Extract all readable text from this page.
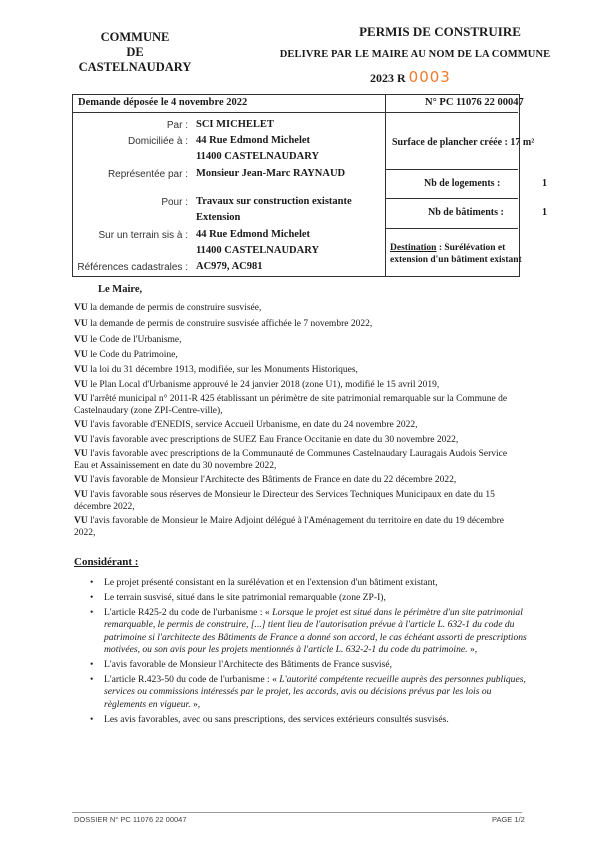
COMMUNE
DE
CASTELNAUDARY
PERMIS DE CONSTRUIRE
DELIVRE PAR LE MAIRE AU NOM DE LA COMMUNE
2023 R 0003
Demande déposée le 4 novembre 2022	N° PC 11076 22 00047
Par : SCI MICHELET
Domiciliée à : 44 Rue Edmond Michelet
11400 CASTELNAUDARY
Représentée par : Monsieur Jean-Marc RAYNAUD
Pour : Travaux sur construction existante
Extension
Sur un terrain sis à : 44 Rue Edmond Michelet
11400 CASTELNAUDARY
Références cadastrales : AC979, AC981
Surface de plancher créée : 17 m²
Nb de logements :	1
Nb de bâtiments :	1
Destination : Surélévation et extension d'un bâtiment existant
Le Maire,
VU la demande de permis de construire susvisée,
VU la demande de permis de construire susvisée affichée le 7 novembre 2022,
VU le Code de l'Urbanisme,
VU le Code du Patrimoine,
VU la loi du 31 décembre 1913, modifiée, sur les Monuments Historiques,
VU le Plan Local d'Urbanisme approuvé le 24 janvier 2018 (zone U1), modifié le 15 avril 2019,
VU l'arrêté municipal n° 2011-R 425 établissant un périmètre de site patrimonial remarquable sur la Commune de Castelnaudary (zone ZPI-Centre-ville),
VU l'avis favorable d'ENEDIS, service Accueil Urbanisme, en date du 24 novembre 2022,
VU l'avis favorable avec prescriptions de SUEZ Eau France Occitanie en date du 30 novembre 2022,
VU l'avis favorable avec prescriptions de la Communauté de Communes Castelnaudary Lauragais Audois Service Eau et Assainissement en date du 30 novembre 2022,
VU l'avis favorable de Monsieur l'Architecte des Bâtiments de France en date du 22 décembre 2022,
VU l'avis favorable sous réserves de Monsieur le Directeur des Services Techniques Municipaux en date du 15 décembre 2022,
VU l'avis favorable de Monsieur le Maire Adjoint délégué à l'Aménagement du territoire en date du 19 décembre 2022,
Considérant :
• Le projet présenté consistant en la surélévation et en l'extension d'un bâtiment existant,
• Le terrain susvisé, situé dans le site patrimonial remarquable (zone ZP-I),
• L'article R425-2 du code de l'urbanisme : « Lorsque le projet est situé dans le périmètre d'un site patrimonial remarquable, le permis de construire, [...] tient lieu de l'autorisation prévue à l'article L. 632-1 du code du patrimoine si l'architecte des Bâtiments de France a donné son accord, le cas échéant assorti de prescriptions motivées, ou son avis pour les projets mentionnés à l'article L. 632-2-1 du code du patrimoine. »,
• L'avis favorable de Monsieur l'Architecte des Bâtiments de France susvisé,
• L'article R.423-50 du code de l'urbanisme : « L'autorité compétente recueille auprès des personnes publiques, services ou commissions intéressés par le projet, les accords, avis ou décisions prévus par les lois ou règlements en vigueur. »,
• Les avis favorables, avec ou sans prescriptions, des services extérieurs consultés susvisés.
DOSSIER N° PC 11076 22 00047	PAGE 1/2
